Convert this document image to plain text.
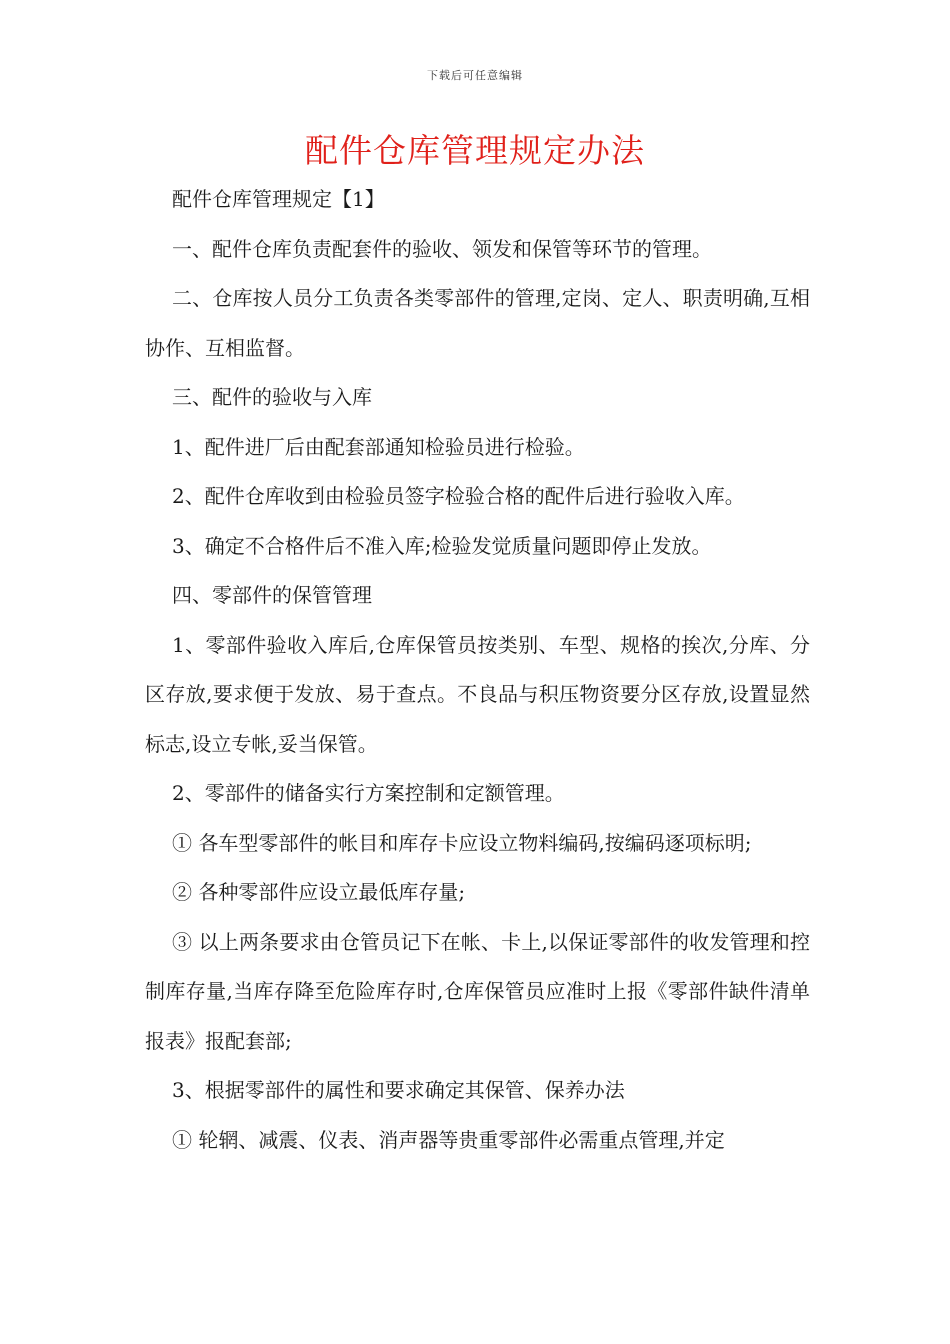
下载后可任意编辑
配件仓库管理规定办法

配件仓库管理规定【1】

一、配件仓库负责配套件的验收、领发和保管等环节的管理。

二、仓库按人员分工负责各类零部件的管理,定岗、定人、职责明确,互相协作、互相监督。

三、配件的验收与入库

1、配件进厂后由配套部通知检验员进行检验。

2、配件仓库收到由检验员签字检验合格的配件后进行验收入库。

3、确定不合格件后不准入库;检验发觉质量问题即停止发放。

四、零部件的保管管理

1、零部件验收入库后,仓库保管员按类别、车型、规格的挨次,分库、分区存放,要求便于发放、易于查点。不良品与积压物资要分区存放,设置显然标志,设立专帐,妥当保管。

2、零部件的储备实行方案控制和定额管理。

① 各车型零部件的帐目和库存卡应设立物料编码,按编码逐项标明;

② 各种零部件应设立最低库存量;

③ 以上两条要求由仓管员记下在帐、卡上,以保证零部件的收发管理和控制库存量,当库存降至危险库存时,仓库保管员应准时上报《零部件缺件清单报表》报配套部;

3、根据零部件的属性和要求确定其保管、保养办法

① 轮辋、减震、仪表、消声器等贵重零部件必需重点管理,并定
